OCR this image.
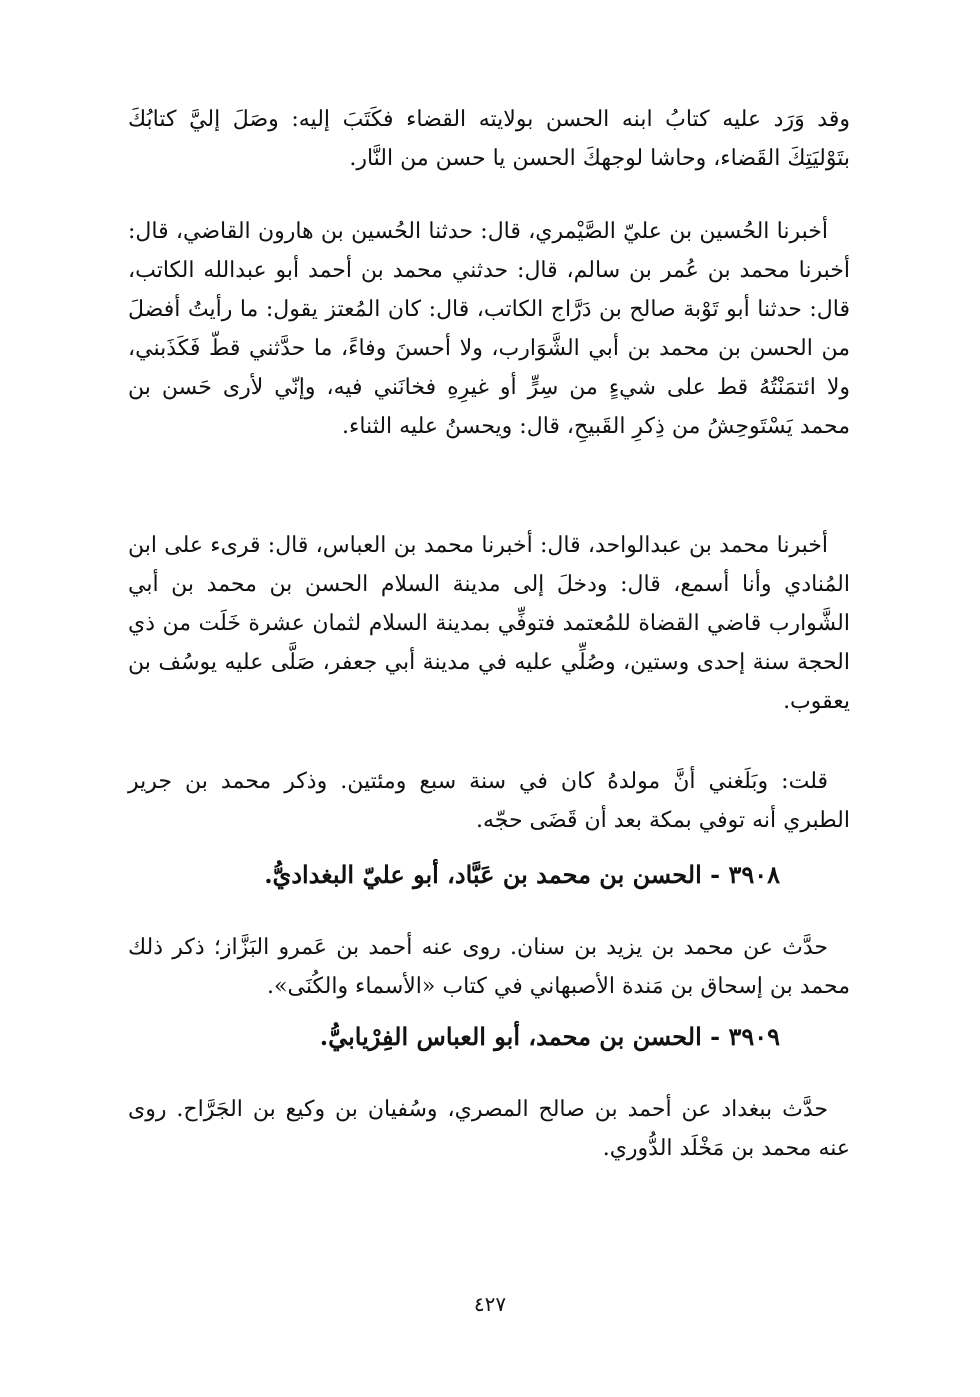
وقد وَرَد عليه كتابُ ابنه الحسن بولايته القضاء فكَتَبَ إليه: وصَلَ إليَّ كتابُكَ بتَوْليَتِكَ القَضاء، وحاشا لوجهكَ الحسن يا حسن من النَّار.

أخبرنا الحُسين بن عليّ الصَّيْمري، قال: حدثنا الحُسين بن هارون القاضي، قال: أخبرنا محمد بن عُمر بن سالم، قال: حدثني محمد بن أحمد أبو عبدالله الكاتب، قال: حدثنا أبو تَوْبة صالح بن دَرَّاج الكاتب، قال: كان المُعتز يقول: ما رأيتُ أفضلَ من الحسن بن محمد بن أبي الشَّوَارب، ولا أحسنَ وفاءً، ما حدَّثني قطّ فَكَذَبني، ولا ائتمَنْتُهُ قط على شيءٍ من سِرٍّ أو غيرِهِ فخانَني فيه، وإنّي لأرى حَسن بن محمد يَسْتَوحِشُ من ذِكرِ القَبيحِ، قال: ويحسنُ عليه الثناء.

أخبرنا محمد بن عبدالواحد، قال: أخبرنا محمد بن العباس، قال: قرىء على ابن المُنادي وأنا أسمع، قال: ودخلَ إلى مدينة السلام الحسن بن محمد بن أبي الشَّوارب قاضي القضاة للمُعتمد فتوفِّي بمدينة السلام لثمان عشرة خَلَت من ذي الحجة سنة إحدى وستين، وصُلِّي عليه في مدينة أبي جعفر، صَلَّى عليه يوسُف بن يعقوب.

قلت: وبَلَغني أنَّ مولدهُ كان في سنة سبع ومئتين. وذكر محمد بن جرير الطبري أنه توفي بمكة بعد أن قَضَى حجّه.

٣٩٠٨ - الحسن بن محمد بن عَبَّاد، أبو عليّ البغداديُّ.

حدَّث عن محمد بن يزيد بن سنان. روى عنه أحمد بن عَمرو البَزَّاز؛ ذكر ذلك محمد بن إسحاق بن مَندة الأصبهاني في كتاب «الأسماء والكُنَى».

٣٩٠٩ - الحسن بن محمد، أبو العباس الفِرْيابيُّ.

حدَّث ببغداد عن أحمد بن صالح المصري، وسُفيان بن وكيع بن الجَرَّاح. روى عنه محمد بن مَخْلَد الدُّوري.

٤٢٧
